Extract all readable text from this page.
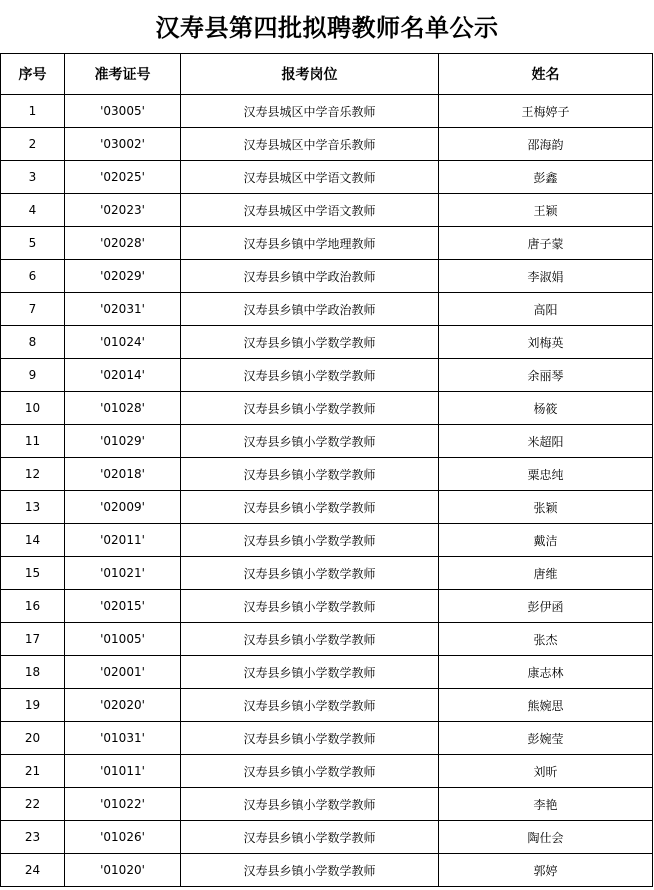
汉寿县第四批拟聘教师名单公示
序号	准考证号	报考岗位	姓名
1	'03005'	汉寿县城区中学音乐教师	王梅婷子
2	'03002'	汉寿县城区中学音乐教师	邵海韵
3	'02025'	汉寿县城区中学语文教师	彭鑫
4	'02023'	汉寿县城区中学语文教师	王颖
5	'02028'	汉寿县乡镇中学地理教师	唐子蒙
6	'02029'	汉寿县乡镇中学政治教师	李淑娟
7	'02031'	汉寿县乡镇中学政治教师	高阳
8	'01024'	汉寿县乡镇小学数学教师	刘梅英
9	'02014'	汉寿县乡镇小学数学教师	余丽琴
10	'01028'	汉寿县乡镇小学数学教师	杨筱
11	'01029'	汉寿县乡镇小学数学教师	米超阳
12	'02018'	汉寿县乡镇小学数学教师	粟忠纯
13	'02009'	汉寿县乡镇小学数学教师	张颖
14	'02011'	汉寿县乡镇小学数学教师	戴洁
15	'01021'	汉寿县乡镇小学数学教师	唐维
16	'02015'	汉寿县乡镇小学数学教师	彭伊函
17	'01005'	汉寿县乡镇小学数学教师	张杰
18	'02001'	汉寿县乡镇小学数学教师	康志林
19	'02020'	汉寿县乡镇小学数学教师	熊婉思
20	'01031'	汉寿县乡镇小学数学教师	彭婉莹
21	'01011'	汉寿县乡镇小学数学教师	刘昕
22	'01022'	汉寿县乡镇小学数学教师	李艳
23	'01026'	汉寿县乡镇小学数学教师	陶仕会
24	'01020'	汉寿县乡镇小学数学教师	郭婷
